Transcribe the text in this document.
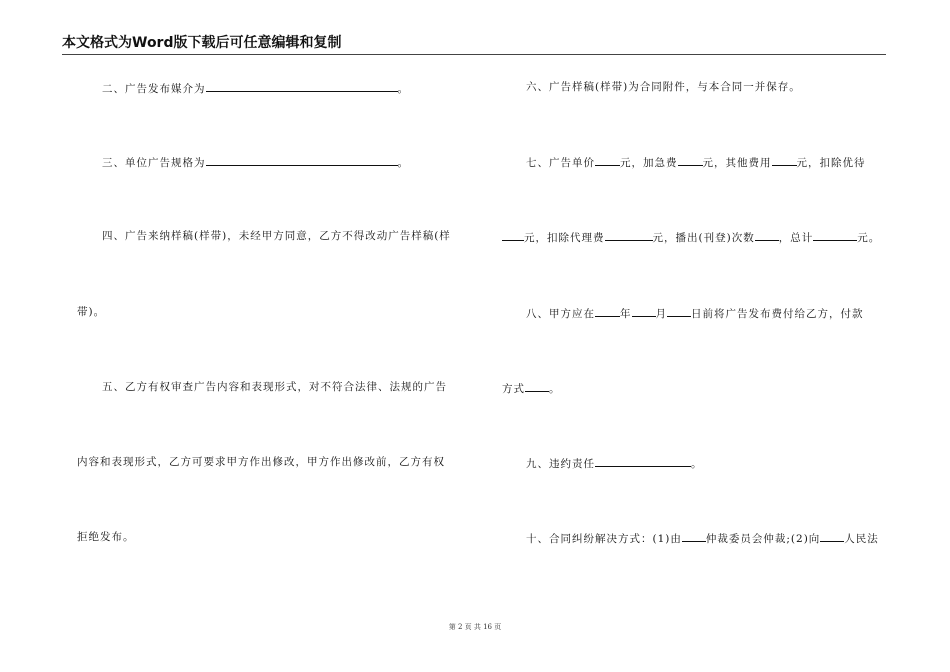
本文格式为Word版下载后可任意编辑和复制
二、广告发布媒介为	。
三、单位广告规格为	。
四、广告来纳样稿(样带)，未经甲方同意，乙方不得改动广告样稿(样
带)。
五、乙方有权审查广告内容和表现形式，对不符合法律、法规的广告
内容和表现形式，乙方可要求甲方作出修改，甲方作出修改前，乙方有权
拒绝发布。
六、广告样稿(样带)为合同附件，与本合同一并保存。
七、广告单价 元，加急费 元，其他费用 元，扣除优待
元，扣除代理费	元，播出(刊登)次数 ，总计	元。
八、甲方应在 年 月 日前将广告发布费付给乙方，付款
方式 。
九、违约责任	。
十、合同纠纷解决方式：(1)由 仲裁委员会仲裁;(2)向 人民法
第 2 页 共 16 页
